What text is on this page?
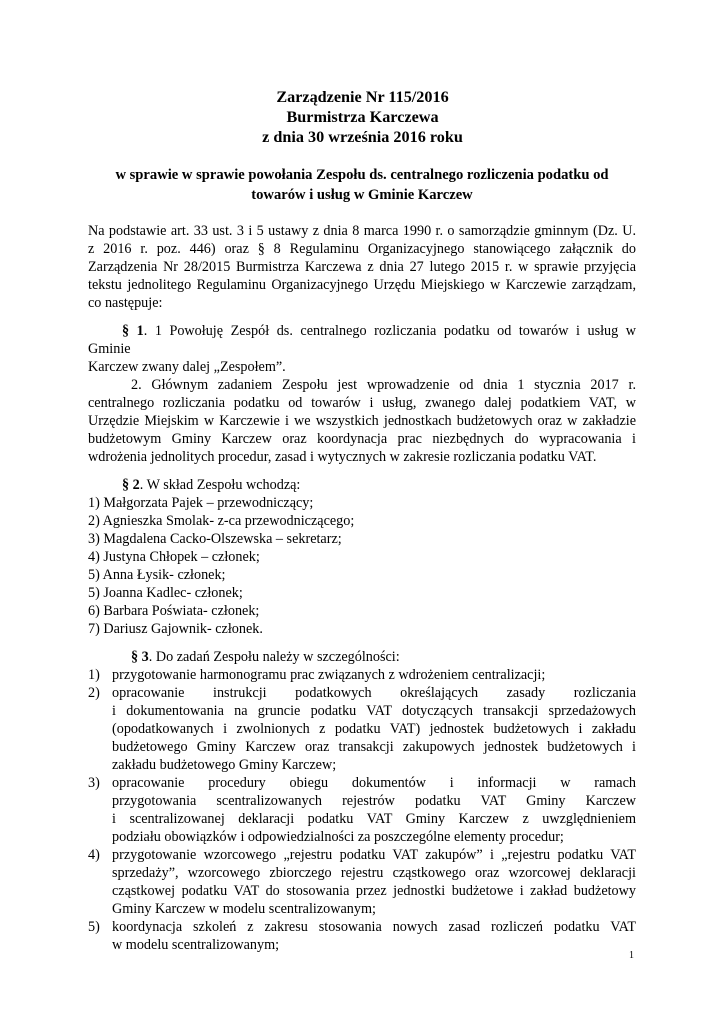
Zarządzenie Nr 115/2016
Burmistrza Karczewa
z dnia 30 września 2016 roku
w sprawie w sprawie powołania Zespołu ds. centralnego rozliczenia podatku od
towarów i usług w Gminie Karczew
Na podstawie art. 33 ust. 3 i 5 ustawy z dnia 8 marca 1990 r. o samorządzie gminnym (Dz. U.
z 2016 r. poz. 446) oraz § 8 Regulaminu Organizacyjnego stanowiącego załącznik do
Zarządzenia Nr 28/2015 Burmistrza Karczewa z dnia 27 lutego 2015 r. w sprawie przyjęcia
tekstu jednolitego Regulaminu Organizacyjnego Urzędu Miejskiego w Karczewie zarządzam,
co następuje:
§ 1. 1 Powołuję Zespół ds. centralnego rozliczania podatku od towarów i usług w
Gminie
Karczew zwany dalej „Zespołem”.
2. Głównym zadaniem Zespołu jest wprowadzenie od dnia 1 stycznia 2017 r.
centralnego rozliczania podatku od towarów i usług, zwanego dalej podatkiem VAT, w
Urzędzie Miejskim w Karczewie i we wszystkich jednostkach budżetowych oraz w zakładzie
budżetowym Gminy Karczew oraz koordynacja prac niezbędnych do wypracowania i
wdrożenia jednolitych procedur, zasad i wytycznych w zakresie rozliczania podatku VAT.
§ 2. W skład Zespołu wchodzą:
1) Małgorzata Pajek – przewodniczący;
2) Agnieszka Smolak- z-ca przewodniczącego;
3) Magdalena Cacko-Olszewska – sekretarz;
4) Justyna Chłopek – członek;
5) Anna Łysik- członek;
5) Joanna Kadlec- członek;
6) Barbara Poświata- członek;
7) Dariusz Gajownik- członek.
§ 3. Do zadań Zespołu należy w szczególności:
1) przygotowanie harmonogramu prac związanych z wdrożeniem centralizacji;
2) opracowanie instrukcji podatkowych określających zasady rozliczania
i dokumentowania na gruncie podatku VAT dotyczących transakcji sprzedażowych
(opodatkowanych i zwolnionych z podatku VAT) jednostek budżetowych i zakładu
budżetowego Gminy Karczew oraz transakcji zakupowych jednostek budżetowych i
zakładu budżetowego Gminy Karczew;
3) opracowanie procedury obiegu dokumentów i informacji w ramach
przygotowania scentralizowanych rejestrów podatku VAT Gminy Karczew
i scentralizowanej deklaracji podatku VAT Gminy Karczew z uwzględnieniem
podziału obowiązków i odpowiedzialności za poszczególne elementy procedur;
4) przygotowanie wzorcowego „rejestru podatku VAT zakupów” i „rejestru podatku VAT
sprzedaży”, wzorcowego zbiorczego rejestru cząstkowego oraz wzorcowej deklaracji
cząstkowej podatku VAT do stosowania przez jednostki budżetowe i zakład budżetowy
Gminy Karczew w modelu scentralizowanym;
5) koordynacja szkoleń z zakresu stosowania nowych zasad rozliczeń podatku VAT
w modelu scentralizowanym;
1
